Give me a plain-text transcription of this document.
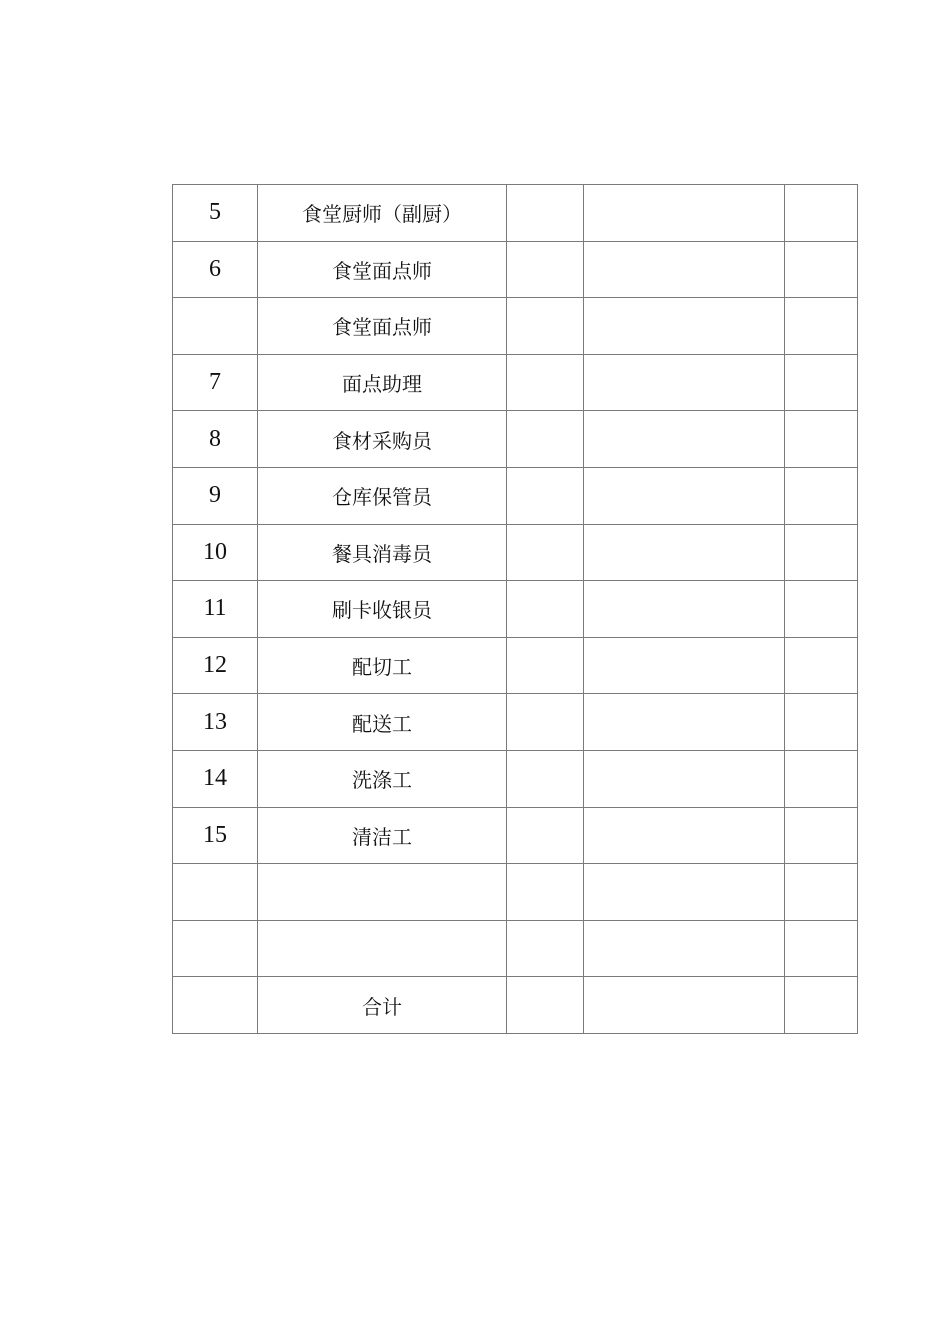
5	食堂厨师（副厨）			
6	食堂面点师			
	食堂面点师			
7	面点助理			
8	食材采购员			
9	仓库保管员			
10	餐具消毒员			
11	刷卡收银员			
12	配切工			
13	配送工			
14	洗涤工			
15	清洁工			

	合计			
